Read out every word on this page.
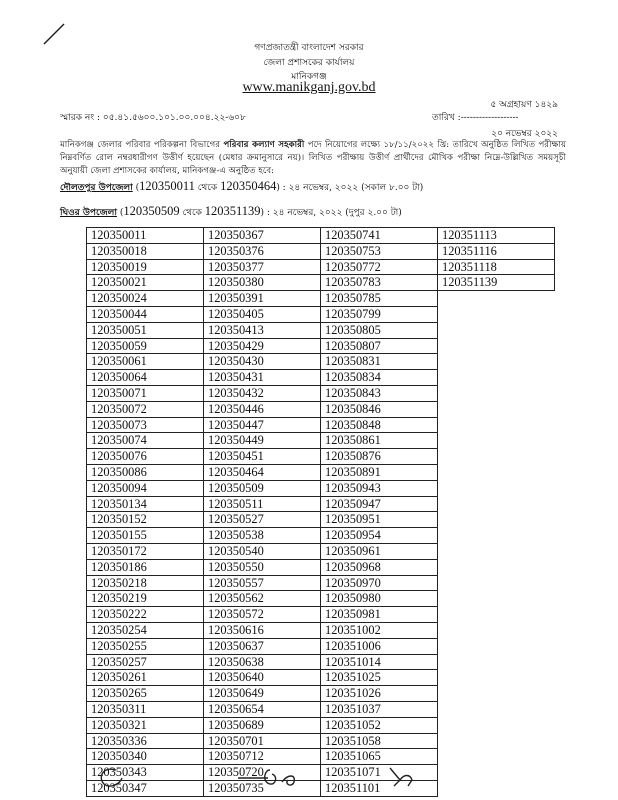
গণপ্রজাতন্ত্রী বাংলাদেশ সরকার
জেলা প্রশাসকের কার্যালয়
মানিকগঞ্জ
www.manikganj.gov.bd
৫ অগ্রহায়ণ ১৪২৯
স্মারক নং : ০৫.৪১.৫৬০০.১০১.০০.০০৪.২২-৬০৮	তারিখ :-------------------
২০ নভেম্বর ২০২২
মানিকগঞ্জ জেলার পরিবার পরিকল্পনা বিভাগের পরিবার কল্যাণ সহকারী পদে নিয়োগের লক্ষ্যে ১৮/১১/২০২২ খ্রি: তারিখে অনুষ্ঠিত লিখিত পরীক্ষায় নিম্নবর্ণিত রোল নম্বরধারীগণ উত্তীর্ণ হয়েছেন (মেধার ক্রমানুসারে নয়)। লিখিত পরীক্ষায় উত্তীর্ণ প্রার্থীদের মৌখিক পরীক্ষা নিম্নে-উল্লিখিত সময়সূচী অনুযায়ী জেলা প্রশাসকের কার্যালয়, মানিকগঞ্জ-এ অনুষ্ঠিত হবে:
দৌলতপুর উপজেলা (120350011 থেকে 120350464) : ২৪ নভেম্বর, ২০২২ (সকাল ৮.০০ টা)
ঘিওর উপজেলা (120350509 থেকে 120351139) : ২৪ নভেম্বর, ২০২২ (দুপুর ২.০০ টা)
120350011	120350367	120350741	120351113
120350018	120350376	120350753	120351116
120350019	120350377	120350772	120351118
120350021	120350380	120350783	120351139
120350024	120350391	120350785	
120350044	120350405	120350799	
120350051	120350413	120350805	
120350059	120350429	120350807	
120350061	120350430	120350831	
120350064	120350431	120350834	
120350071	120350432	120350843	
120350072	120350446	120350846	
120350073	120350447	120350848	
120350074	120350449	120350861	
120350076	120350451	120350876	
120350086	120350464	120350891	
120350094	120350509	120350943	
120350134	120350511	120350947	
120350152	120350527	120350951	
120350155	120350538	120350954	
120350172	120350540	120350961	
120350186	120350550	120350968	
120350218	120350557	120350970	
120350219	120350562	120350980	
120350222	120350572	120350981	
120350254	120350616	120351002	
120350255	120350637	120351006	
120350257	120350638	120351014	
120350261	120350640	120351025	
120350265	120350649	120351026	
120350311	120350654	120351037	
120350321	120350689	120351052	
120350336	120350701	120351058	
120350340	120350712	120351065	
120350343	120350720	120351071	
120350347	120350735	120351101	
